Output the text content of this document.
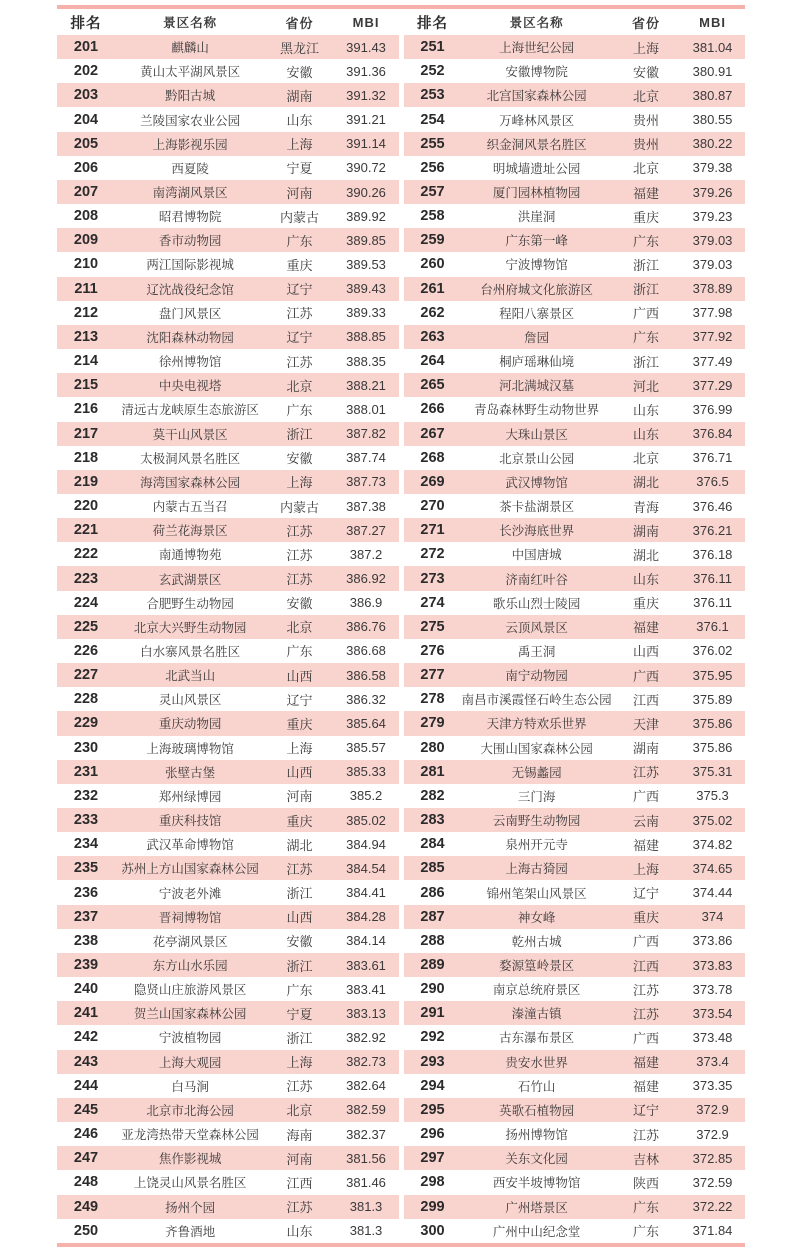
排名	景区名称	省份	MBI
201	麒麟山	黑龙江	391.43
202	黄山太平湖风景区	安徽	391.36
203	黔阳古城	湖南	391.32
204	兰陵国家农业公园	山东	391.21
205	上海影视乐园	上海	391.14
206	西夏陵	宁夏	390.72
207	南湾湖风景区	河南	390.26
208	昭君博物院	内蒙古	389.92
209	香市动物园	广东	389.85
210	两江国际影视城	重庆	389.53
211	辽沈战役纪念馆	辽宁	389.43
212	盘门风景区	江苏	389.33
213	沈阳森林动物园	辽宁	388.85
214	徐州博物馆	江苏	388.35
215	中央电视塔	北京	388.21
216	清远古龙峡原生态旅游区	广东	388.01
217	莫干山风景区	浙江	387.82
218	太极洞风景名胜区	安徽	387.74
219	海湾国家森林公园	上海	387.73
220	内蒙古五当召	内蒙古	387.38
221	荷兰花海景区	江苏	387.27
222	南通博物苑	江苏	387.2
223	玄武湖景区	江苏	386.92
224	合肥野生动物园	安徽	386.9
225	北京大兴野生动物园	北京	386.76
226	白水寨风景名胜区	广东	386.68
227	北武当山	山西	386.58
228	灵山风景区	辽宁	386.32
229	重庆动物园	重庆	385.64
230	上海玻璃博物馆	上海	385.57
231	张壁古堡	山西	385.33
232	郑州绿博园	河南	385.2
233	重庆科技馆	重庆	385.02
234	武汉革命博物馆	湖北	384.94
235	苏州上方山国家森林公园	江苏	384.54
236	宁波老外滩	浙江	384.41
237	晋祠博物馆	山西	384.28
238	花亭湖风景区	安徽	384.14
239	东方山水乐园	浙江	383.61
240	隐贤山庄旅游风景区	广东	383.41
241	贺兰山国家森林公园	宁夏	383.13
242	宁波植物园	浙江	382.92
243	上海大观园	上海	382.73
244	白马涧	江苏	382.64
245	北京市北海公园	北京	382.59
246	亚龙湾热带天堂森林公园	海南	382.37
247	焦作影视城	河南	381.56
248	上饶灵山风景名胜区	江西	381.46
249	扬州个园	江苏	381.3
250	齐鲁酒地	山东	381.3
排名	景区名称	省份	MBI
251	上海世纪公园	上海	381.04
252	安徽博物院	安徽	380.91
253	北宫国家森林公园	北京	380.87
254	万峰林风景区	贵州	380.55
255	织金洞风景名胜区	贵州	380.22
256	明城墙遗址公园	北京	379.38
257	厦门园林植物园	福建	379.26
258	洪崖洞	重庆	379.23
259	广东第一峰	广东	379.03
260	宁波博物馆	浙江	379.03
261	台州府城文化旅游区	浙江	378.89
262	程阳八寨景区	广西	377.98
263	詹园	广东	377.92
264	桐庐瑶琳仙境	浙江	377.49
265	河北满城汉墓	河北	377.29
266	青岛森林野生动物世界	山东	376.99
267	大珠山景区	山东	376.84
268	北京景山公园	北京	376.71
269	武汉博物馆	湖北	376.5
270	茶卡盐湖景区	青海	376.46
271	长沙海底世界	湖南	376.21
272	中国唐城	湖北	376.18
273	济南红叶谷	山东	376.11
274	歌乐山烈士陵园	重庆	376.11
275	云顶风景区	福建	376.1
276	禹王洞	山西	376.02
277	南宁动物园	广西	375.95
278	南昌市溪霞怪石岭生态公园	江西	375.89
279	天津方特欢乐世界	天津	375.86
280	大围山国家森林公园	湖南	375.86
281	无锡蠡园	江苏	375.31
282	三门海	广西	375.3
283	云南野生动物园	云南	375.02
284	泉州开元寺	福建	374.82
285	上海古猗园	上海	374.65
286	锦州笔架山风景区	辽宁	374.44
287	神女峰	重庆	374
288	乾州古城	广西	373.86
289	婺源篁岭景区	江西	373.83
290	南京总统府景区	江苏	373.78
291	溱潼古镇	江苏	373.54
292	古东瀑布景区	广西	373.48
293	贵安水世界	福建	373.4
294	石竹山	福建	373.35
295	英歌石植物园	辽宁	372.9
296	扬州博物馆	江苏	372.9
297	关东文化园	吉林	372.85
298	西安半坡博物馆	陕西	372.59
299	广州塔景区	广东	372.22
300	广州中山纪念堂	广东	371.84
